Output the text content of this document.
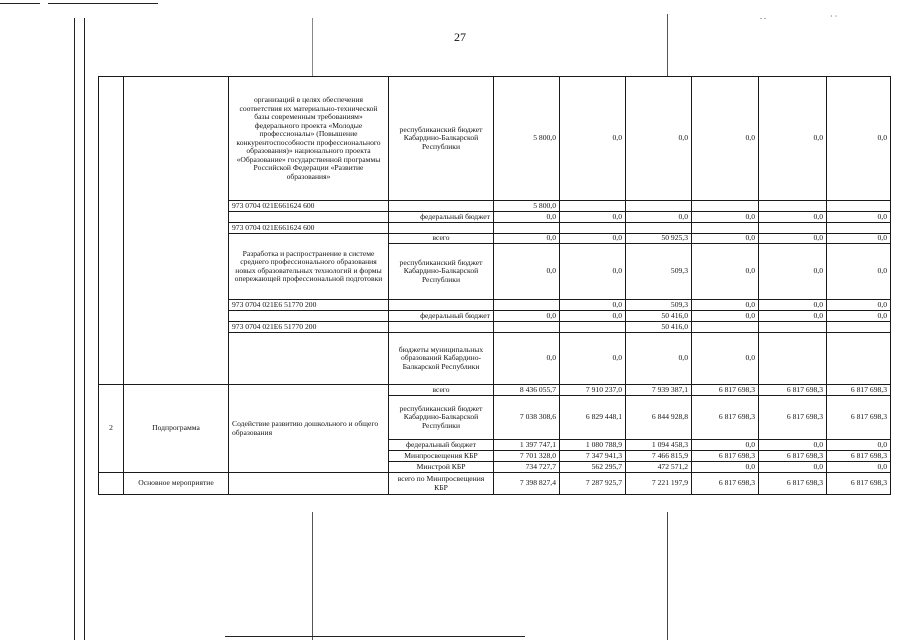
. .	· ·
27
		организаций в целях обеспечения соответствия их материально-технической базы современным требованиям» федерального проекта «Молодые профессионалы» (Повышение конкурентоспособности профессионального образования)» национального проекта «Образование» государственной программы Российской Федерации «Развитие образования»	республиканский бюджет Кабардино-Балкарской Республики	5 800,0	0,0	0,0	0,0	0,0	0,0
		973 0704 021E661624 600		5 800,0					
			федеральный бюджет	0,0	0,0	0,0	0,0	0,0	0,0
		973 0704 021E661624 600							
		Разработка и распространение в системе среднего профессионального образования новых образовательных технологий и формы опережающей профессиональной подготовки	всего	0,0	0,0	50 925,3	0,0	0,0	0,0
			республиканский бюджет Кабардино-Балкарской Республики	0,0	0,0	509,3	0,0	0,0	0,0
		973 0704 021E6 51770 200			0,0	509,3	0,0	0,0	0,0
			федеральный бюджет	0,0	0,0	50 416,0	0,0	0,0	0,0
		973 0704 021E6 51770 200				50 416,0			
			бюджеты муниципальных образований Кабардино-Балкарской Республики	0,0	0,0	0,0	0,0		
2	Подпрограмма	Содействие развитию дошкольного и общего образования	всего	8 436 055,7	7 910 237,0	7 939 387,1	6 817 698,3	6 817 698,3	6 817 698,3
			республиканский бюджет Кабардино-Балкарской Республики	7 038 308,6	6 829 448,1	6 844 928,8	6 817 698,3	6 817 698,3	6 817 698,3
			федеральный бюджет	1 397 747,1	1 080 788,9	1 094 458,3	0,0	0,0	0,0
			Минпросвещения КБР	7 701 328,0	7 347 941,3	7 466 815,9	6 817 698,3	6 817 698,3	6 817 698,3
			Минстрой КБР	734 727,7	562 295,7	472 571,2	0,0	0,0	0,0
	Основное мероприятие		всего по Минпросвещения КБР	7 398 827,4	7 287 925,7	7 221 197,9	6 817 698,3	6 817 698,3	6 817 698,3
